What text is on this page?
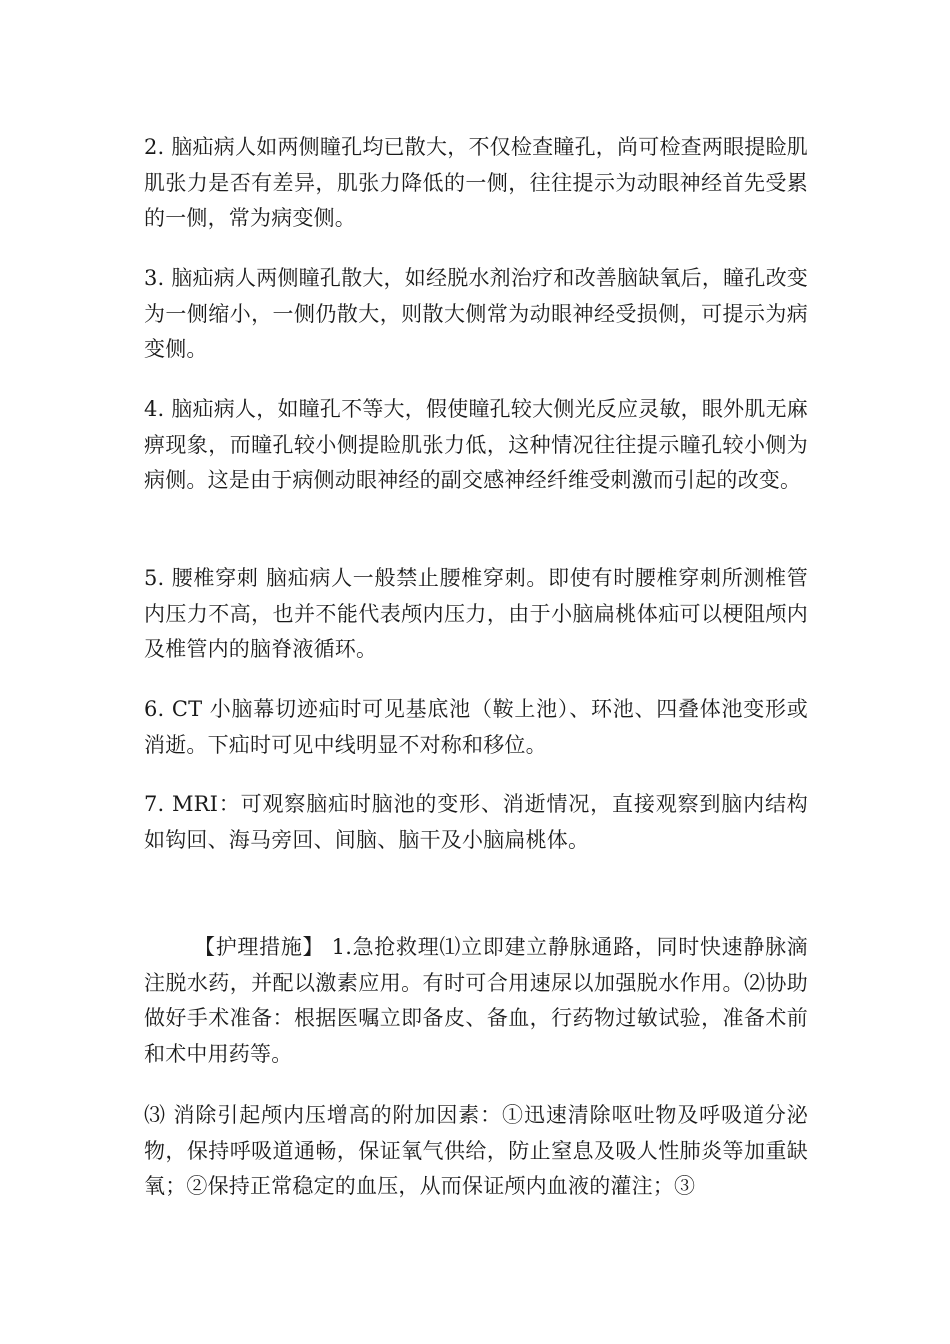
2. 脑疝病人如两侧瞳孔均已散大，不仅检查瞳孔，尚可检查两眼提睑肌肌张力是否有差异，肌张力降低的一侧，往往提示为动眼神经首先受累的一侧，常为病变侧。

3. 脑疝病人两侧瞳孔散大，如经脱水剂治疗和改善脑缺氧后，瞳孔改变为一侧缩小，一侧仍散大，则散大侧常为动眼神经受损侧，可提示为病变侧。

4. 脑疝病人，如瞳孔不等大，假使瞳孔较大侧光反应灵敏，眼外肌无麻痹现象，而瞳孔较小侧提睑肌张力低，这种情况往往提示瞳孔较小侧为病侧。这是由于病侧动眼神经的副交感神经纤维受刺激而引起的改变。

5. 腰椎穿刺 脑疝病人一般禁止腰椎穿刺。即使有时腰椎穿刺所测椎管内压力不高，也并不能代表颅内压力，由于小脑扁桃体疝可以梗阻颅内及椎管内的脑脊液循环。

6. CT 小脑幕切迹疝时可见基底池（鞍上池）、环池、四叠体池变形或消逝。下疝时可见中线明显不对称和移位。

7. MRI：可观察脑疝时脑池的变形、消逝情况，直接观察到脑内结构如钩回、海马旁回、间脑、脑干及小脑扁桃体。

【护理措施】 1.急抢救理⑴立即建立静脉通路，同时快速静脉滴注脱水药，并配以激素应用。有时可合用速尿以加强脱水作用。⑵协助做好手术准备：根据医嘱立即备皮、备血，行药物过敏试验，准备术前和术中用药等。

⑶ 消除引起颅内压增高的附加因素：①迅速清除呕吐物及呼吸道分泌物，保持呼吸道通畅，保证氧气供给，防止窒息及吸人性肺炎等加重缺氧；②保持正常稳定的血压，从而保证颅内血液的灌注；③
